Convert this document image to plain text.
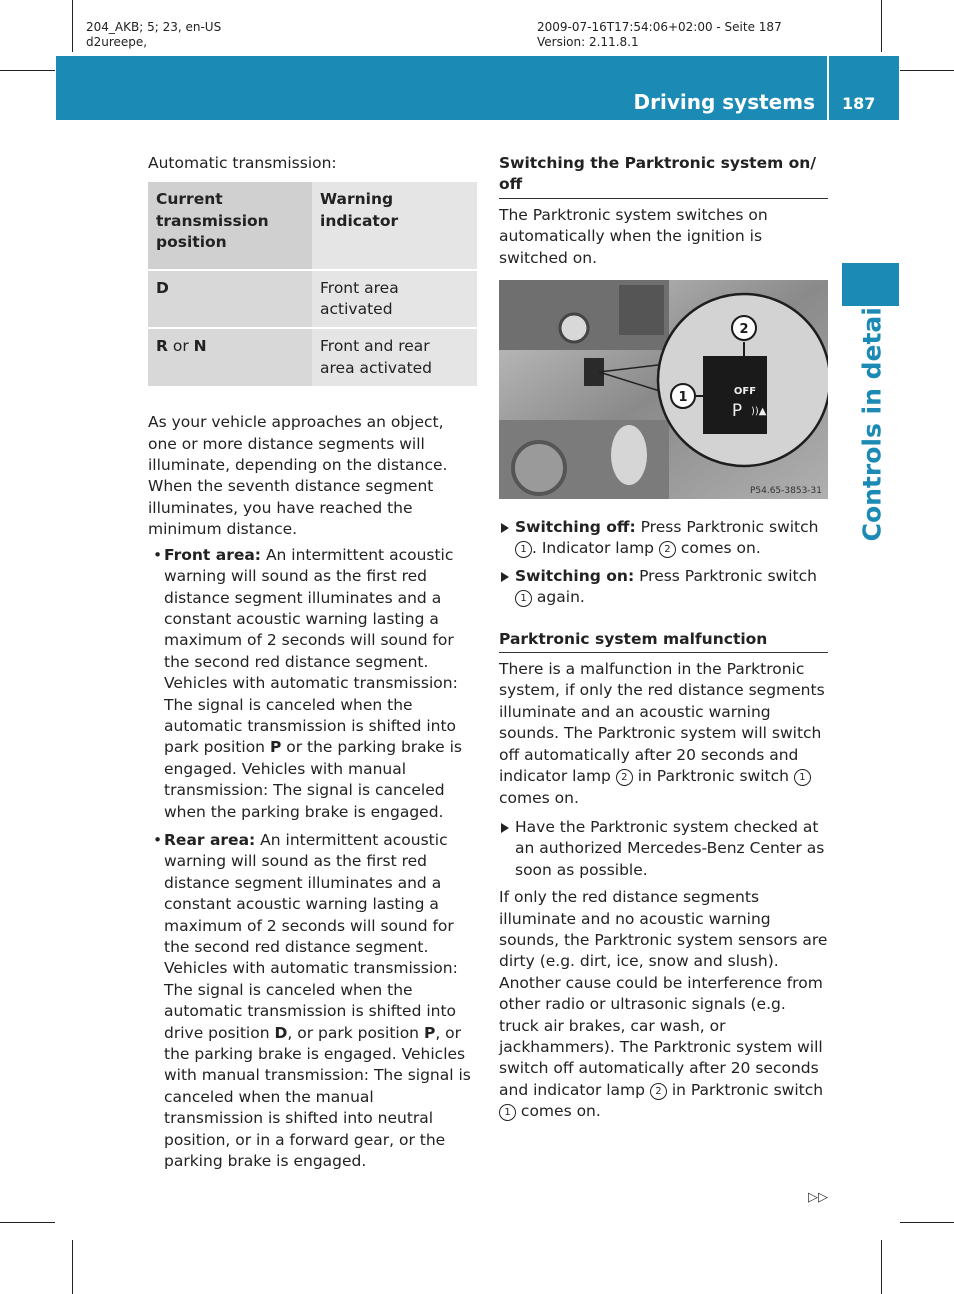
204_AKB; 5; 23, en-US
d2ureepe,
2009-07-16T17:54:06+02:00 - Seite 187
Version: 2.11.8.1
Driving systems 187
Controls in detail

Automatic transmission:

Current transmission position	Warning indicator

D	Front area activated

R or N	Front and rear area activated

As your vehicle approaches an object, one or more distance segments will illuminate, depending on the distance. When the seventh distance segment illuminates, you have reached the minimum distance.

• Front area: An intermittent acoustic warning will sound as the first red distance segment illuminates and a constant acoustic warning lasting a maximum of 2 seconds will sound for the second red distance segment. Vehicles with automatic transmission: The signal is canceled when the automatic transmission is shifted into park position P or the parking brake is engaged. Vehicles with manual transmission: The signal is canceled when the parking brake is engaged.
• Rear area: An intermittent acoustic warning will sound as the first red distance segment illuminates and a constant acoustic warning lasting a maximum of 2 seconds will sound for the second red distance segment. Vehicles with automatic transmission: The signal is canceled when the automatic transmission is shifted into drive position D, or park position P, or the parking brake is engaged. Vehicles with manual transmission: The signal is canceled when the manual transmission is shifted into neutral position, or in a forward gear, or the parking brake is engaged.
Switching the Parktronic system on/ off

The Parktronic system switches on automatically when the ignition is switched on.

OFF
P ))▲
2
1
P54.65-3853-31
Switching off: Press Parktronic switch 1 . Indicator lamp 2 comes on.
Switching on: Press Parktronic switch 1 again.
Parktronic system malfunction

There is a malfunction in the Parktronic system, if only the red distance segments illuminate and an acoustic warning sounds. The Parktronic system will switch off automatically after 20 seconds and indicator lamp 2 in Parktronic switch 1 comes on.

Have the Parktronic system checked at an authorized Mercedes-Benz Center as soon as possible.

If only the red distance segments illuminate and no acoustic warning sounds, the Parktronic system sensors are dirty (e.g. dirt, ice, snow and slush). Another cause could be interference from other radio or ultrasonic signals (e.g. truck air brakes, car wash, or jackhammers). The Parktronic system will switch off automatically after 20 seconds and indicator lamp 2 in Parktronic switch 1 comes on.

▷▷
